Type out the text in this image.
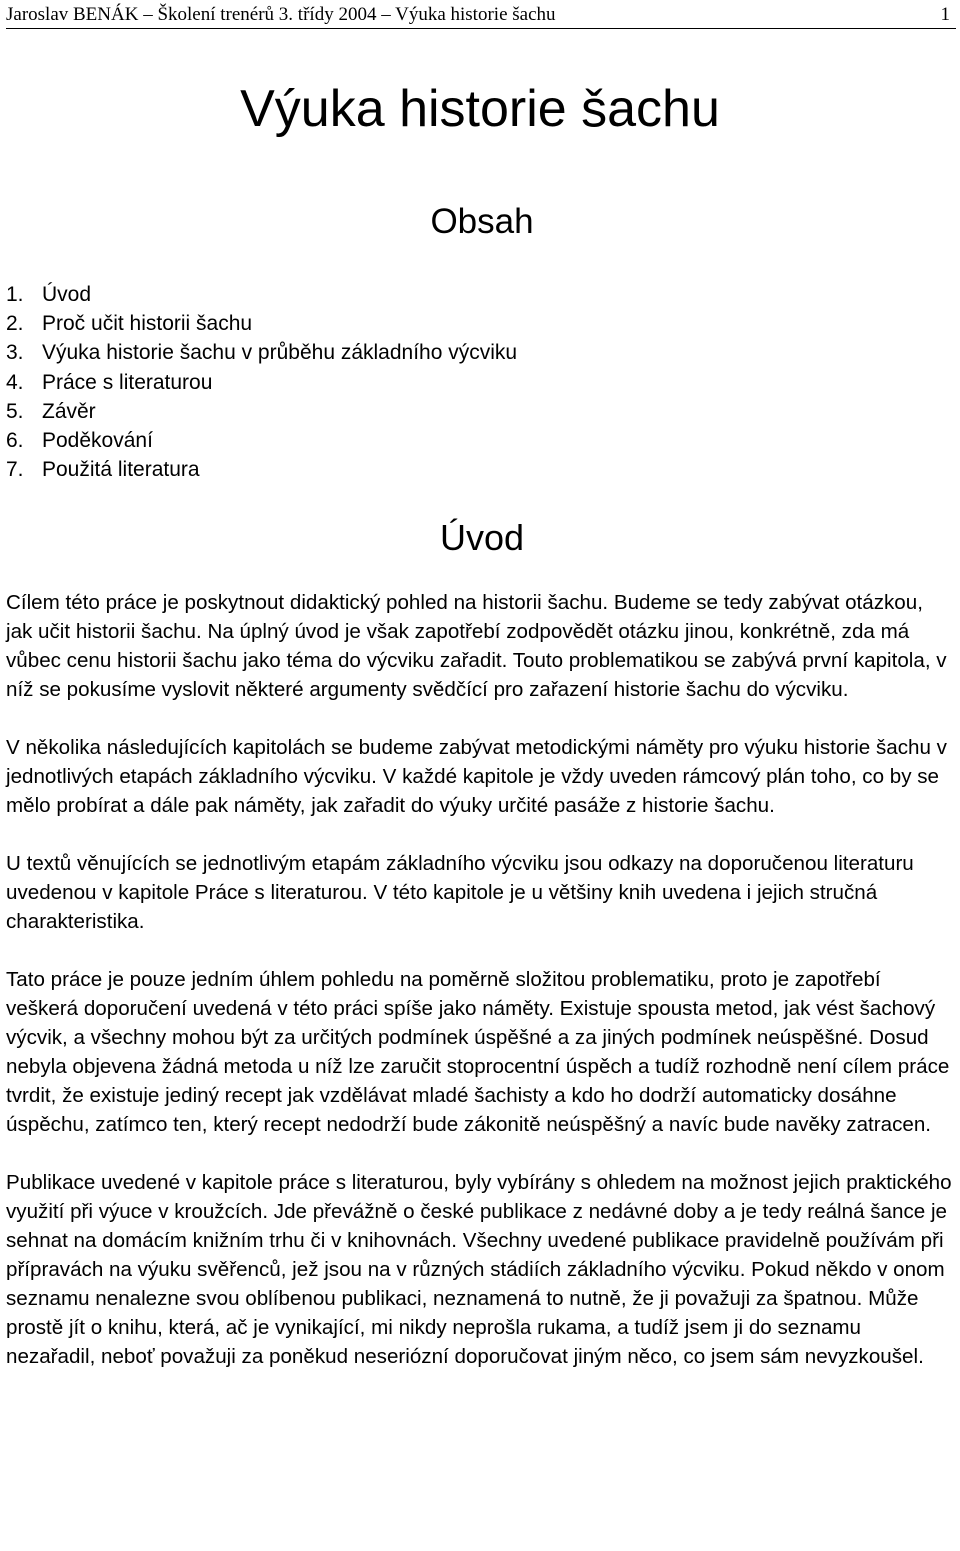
Jaroslav BENÁK – Školení trenérů 3. třídy 2004 – Výuka historie šachu	1
Výuka historie šachu
Obsah
1. Úvod
2. Proč učit historii šachu
3. Výuka historie šachu v průběhu základního výcviku
4. Práce s literaturou
5. Závěr
6. Poděkování
7. Použitá literatura
Úvod

Cílem této práce je poskytnout didaktický pohled na historii šachu. Budeme se tedy zabývat otázkou, jak učit historii šachu. Na úplný úvod je však zapotřebí zodpovědět otázku jinou, konkrétně, zda má vůbec cenu historii šachu jako téma do výcviku zařadit. Touto problematikou se zabývá první kapitola, v níž se pokusíme vyslovit některé argumenty svědčící pro zařazení historie šachu do výcviku.

V několika následujících kapitolách se budeme zabývat metodickými náměty pro výuku historie šachu v jednotlivých etapách základního výcviku. V každé kapitole je vždy uveden rámcový plán toho, co by se mělo probírat a dále pak náměty, jak zařadit do výuky určité pasáže z historie šachu.

U textů věnujících se jednotlivým etapám základního výcviku jsou odkazy na doporučenou literaturu uvedenou v kapitole Práce s literaturou. V této kapitole je u většiny knih uvedena i jejich stručná charakteristika.

Tato práce je pouze jedním úhlem pohledu na poměrně složitou problematiku, proto je zapotřebí veškerá doporučení uvedená v této práci spíše jako náměty. Existuje spousta metod, jak vést šachový výcvik, a všechny mohou být za určitých podmínek úspěšné a za jiných podmínek neúspěšné. Dosud nebyla objevena žádná metoda u níž lze zaručit stoprocentní úspěch a tudíž rozhodně není cílem práce tvrdit, že existuje jediný recept jak vzdělávat mladé šachisty a kdo ho dodrží automaticky dosáhne úspěchu, zatímco ten, který recept nedodrží bude zákonitě neúspěšný a navíc bude navěky zatracen.

Publikace uvedené v kapitole práce s literaturou, byly vybírány s ohledem na možnost jejich praktického využití při výuce v kroužcích. Jde převážně o české publikace z nedávné doby a je tedy reálná šance je sehnat na domácím knižním trhu či v knihovnách. Všechny uvedené publikace pravidelně používám při přípravách na výuku svěřenců, jež jsou na v různých stádiích základního výcviku. Pokud někdo v onom seznamu nenalezne svou oblíbenou publikaci, neznamená to nutně, že ji považuji za špatnou. Může prostě jít o knihu, která, ač je vynikající, mi nikdy neprošla rukama, a tudíž jsem ji do seznamu nezařadil, neboť považuji za poněkud neseriózní doporučovat jiným něco, co jsem sám nevyzkoušel.
